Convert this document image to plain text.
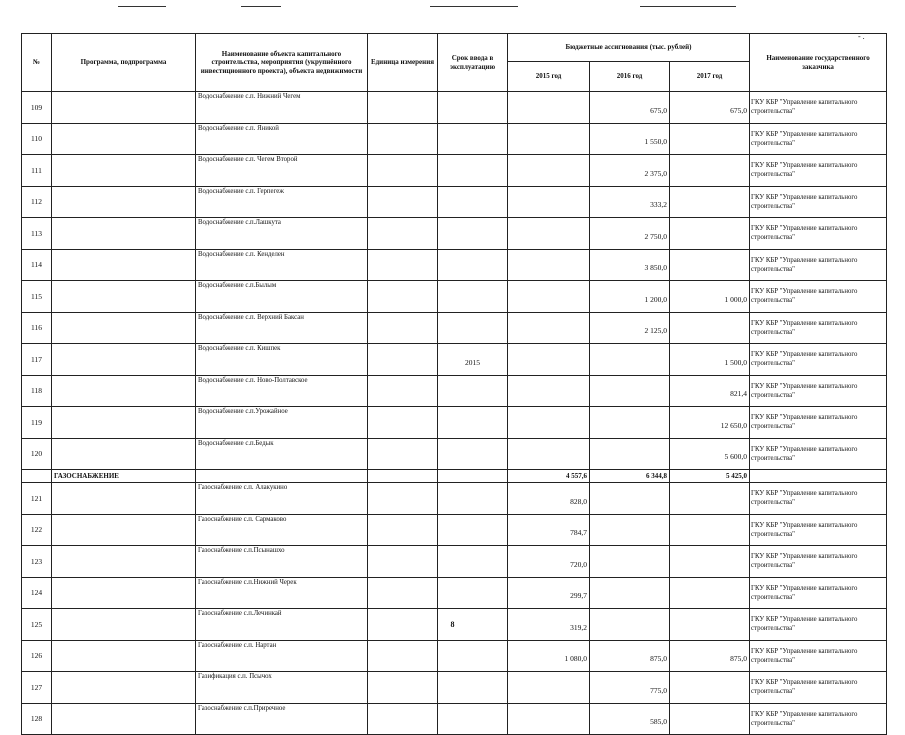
№	Программа, подпрограмма	Наименование объекта капитального строительства, мероприятия (укрупнённого инвестиционного проекта), объекта недвижимости	Единица измерения	Срок ввода в эксплуатацию	Бюджетные ассигнования (тыс. рублей)			Наименование государственного заказчика
					2015 год	2016 год	2017 год	
109		Водоснабжение с.п. Нижний Чегем				675,0	675,0	ГКУ КБР "Управление капитального строительства"
110		Водоснабжение с.п. Яникой				1 550,0		ГКУ КБР "Управление капитального строительства"
111		Водоснабжение с.п. Чегем Второй				2 375,0		ГКУ КБР "Управление капитального строительства"
112		Водоснабжение с.п. Герпегеж				333,2		ГКУ КБР "Управление капитального строительства"
113		Водоснабжение с.п.Лашкута				2 750,0		ГКУ КБР "Управление капитального строительства"
114		Водоснабжение с.п. Кенделен				3 850,0		ГКУ КБР "Управление капитального строительства"
115		Водоснабжение с.п.Былым				1 200,0	1 000,0	ГКУ КБР "Управление капитального строительства"
116		Водоснабжение с.п. Верхний Баксан				2 125,0		ГКУ КБР "Управление капитального строительства"
117		Водоснабжение с.п. Кишпек		2015			1 500,0	ГКУ КБР "Управление капитального строительства"
118		Водоснабжение с.п. Ново-Полтавское					821,4	ГКУ КБР "Управление капитального строительства"
119		Водоснабжение с.п.Урожайное					12 650,0	ГКУ КБР "Управление капитального строительства"
120		Водоснабжение с.п.Бедык					5 600,0	ГКУ КБР "Управление капитального строительства"
	ГАЗОСНАБЖЕНИЕ				4 557,6	6 344,8	5 425,0	
121		Газоснабжение с.п. Алакукино			828,0			ГКУ КБР "Управление капитального строительства"
122		Газоснабжение с.п. Сармаково			784,7			ГКУ КБР "Управление капитального строительства"
123		Газоснабжение с.п.Псынашхо			720,0			ГКУ КБР "Управление капитального строительства"
124		Газоснабжение с.п.Нижний Черек			299,7			ГКУ КБР "Управление капитального строительства"
125		Газоснабжение с.п.Лечинкай			319,2			ГКУ КБР "Управление капитального строительства"
126		Газоснабжение с.п. Нартан			1 080,0	875,0	875,0	ГКУ КБР "Управление капитального строительства"
127		Газификация с.п. Псычох				775,0		ГКУ КБР "Управление капитального строительства"
128		Газоснабжение с.п.Приречное				585,0		ГКУ КБР "Управление капитального строительства"
- .
8
